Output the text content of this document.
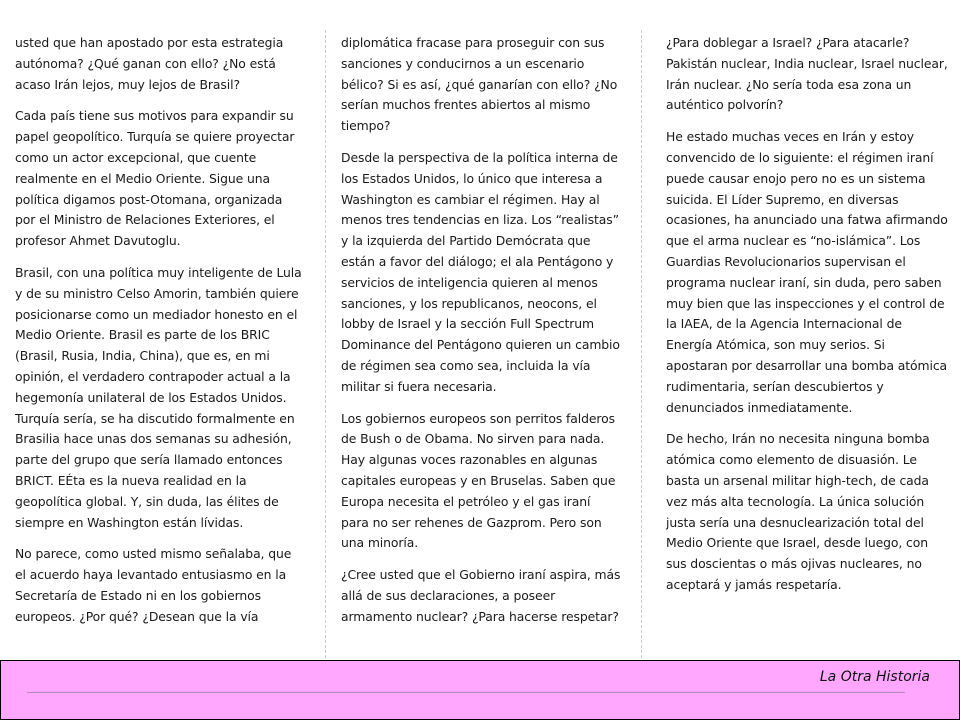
usted que han apostado por esta estrategia autónoma? ¿Qué ganan con ello? ¿No está acaso Irán lejos, muy lejos de Brasil?

Cada país tiene sus motivos para expandir su papel geopolítico. Turquía se quiere proyectar como un actor excepcional, que cuente realmente en el Medio Oriente. Sigue una política digamos post-Otomana, organizada por el Ministro de Relaciones Exteriores, el profesor Ahmet Davutoglu.

Brasil, con una política muy inteligente de Lula y de su ministro Celso Amorin, también quiere posicionarse como un mediador honesto en el Medio Oriente. Brasil es parte de los BRIC (Brasil, Rusia, India, China), que es, en mi opinión, el verdadero contrapoder actual a la hegemonía unilateral de los Estados Unidos. Turquía sería, se ha discutido formalmente en Brasilia hace unas dos semanas su adhesión, parte del grupo que sería llamado entonces BRICT. EÉta es la nueva realidad en la geopolítica global. Y, sin duda, las élites de siempre en Washington están lívidas.

No parece, como usted mismo señalaba, que el acuerdo haya levantado entusiasmo en la Secretaría de Estado ni en los gobiernos europeos. ¿Por qué? ¿Desean que la vía

diplomática fracase para proseguir con sus sanciones y conducirnos a un escenario bélico? Si es así, ¿qué ganarían con ello? ¿No serían muchos frentes abiertos al mismo tiempo?

Desde la perspectiva de la política interna de los Estados Unidos, lo único que interesa a Washington es cambiar el régimen. Hay al menos tres tendencias en liza. Los “realistas” y la izquierda del Partido Demócrata que están a favor del diálogo; el ala Pentágono y servicios de inteligencia quieren al menos sanciones, y los republicanos, neocons, el lobby de Israel y la sección Full Spectrum Dominance del Pentágono quieren un cambio de régimen sea como sea, incluida la vía militar si fuera necesaria.

Los gobiernos europeos son perritos falderos de Bush o de Obama. No sirven para nada. Hay algunas voces razonables en algunas capitales europeas y en Bruselas. Saben que Europa necesita el petróleo y el gas iraní para no ser rehenes de Gazprom. Pero son una minoría.

¿Cree usted que el Gobierno iraní aspira, más allá de sus declaraciones, a poseer armamento nuclear? ¿Para hacerse respetar?

¿Para doblegar a Israel? ¿Para atacarle? Pakistán nuclear, India nuclear, Israel nuclear, Irán nuclear. ¿No sería toda esa zona un auténtico polvorín?

He estado muchas veces en Irán y estoy convencido de lo siguiente: el régimen iraní puede causar enojo pero no es un sistema suicida. El Líder Supremo, en diversas ocasiones, ha anunciado una fatwa afirmando que el arma nuclear es “no-islámica”. Los Guardias Revolucionarios supervisan el programa nuclear iraní, sin duda, pero saben muy bien que las inspecciones y el control de la IAEA, de la Agencia Internacional de Energía Atómica, son muy serios. Si apostaran por desarrollar una bomba atómica rudimentaria, serían descubiertos y denunciados inmediatamente.

De hecho, Irán no necesita ninguna bomba atómica como elemento de disuasión. Le basta un arsenal militar high-tech, de cada vez más alta tecnología. La única solución justa sería una desnuclearización total del Medio Oriente que Israel, desde luego, con sus doscientas o más ojivas nucleares, no aceptará y jamás respetaría.

La Otra Historia
